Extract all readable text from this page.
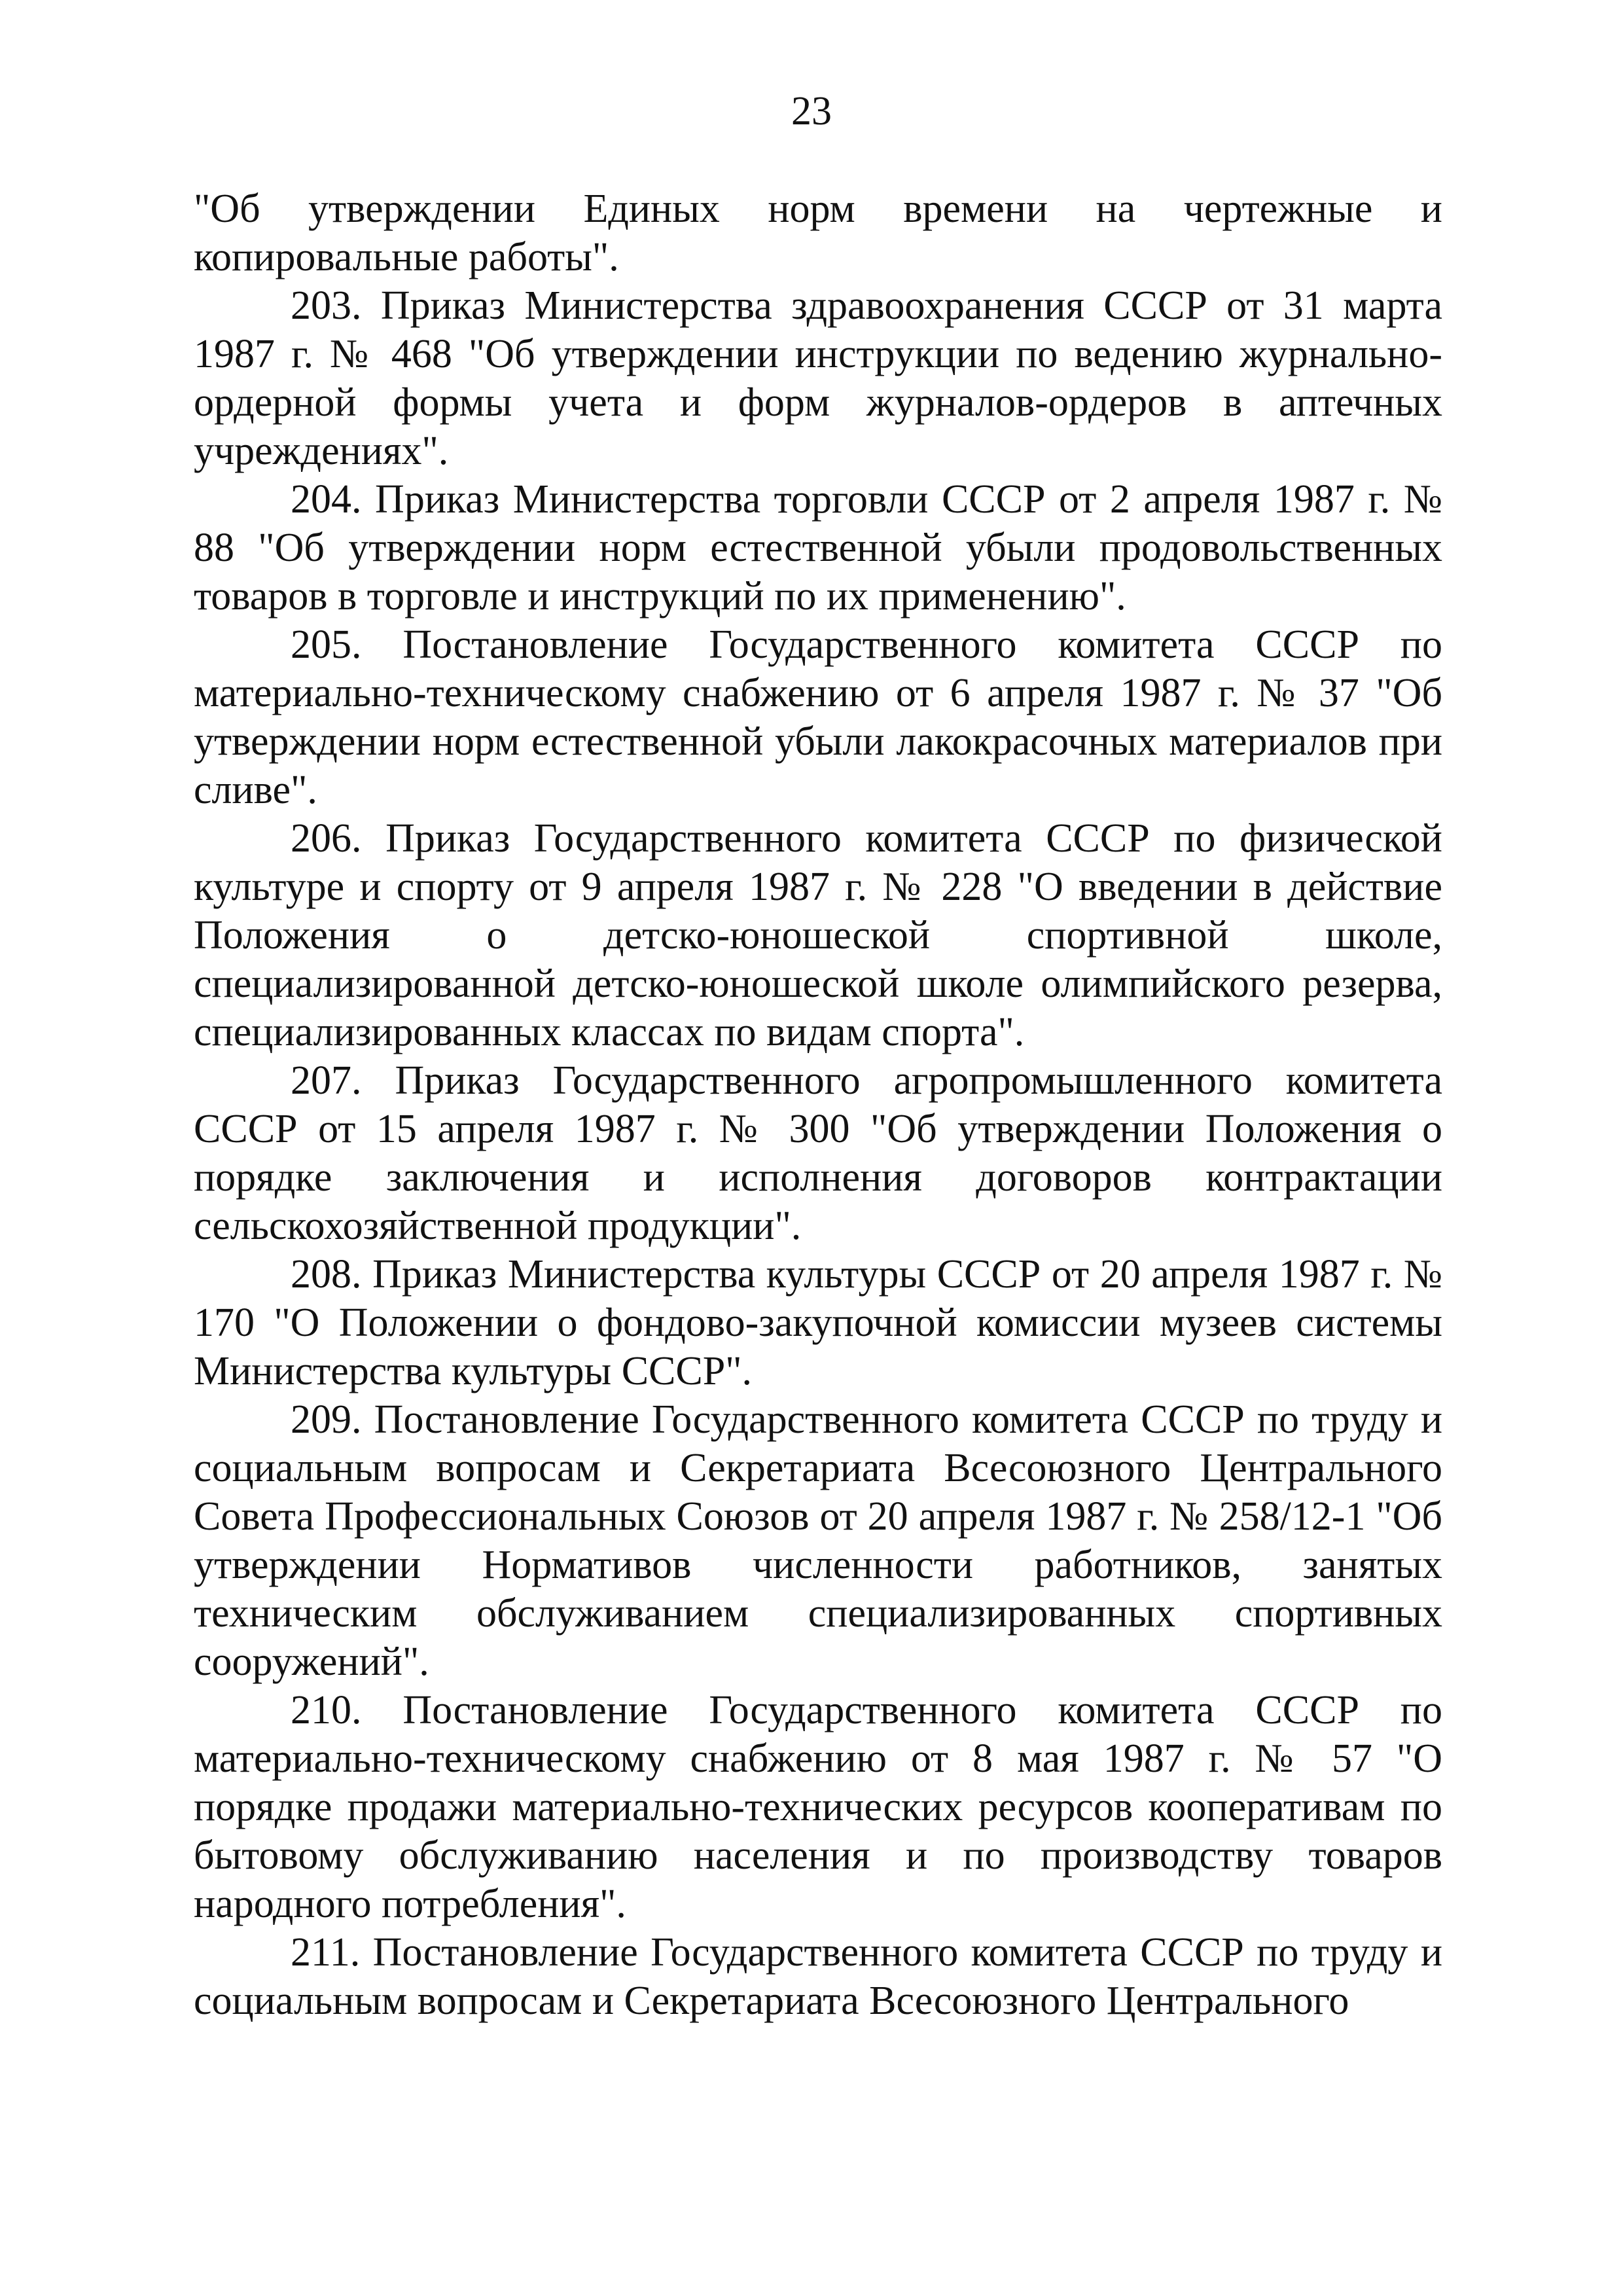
23

"Об утверждении Единых норм времени на чертежные и копировальные работы".

203. Приказ Министерства здравоохранения СССР от 31 марта 1987 г. № 468 "Об утверждении инструкции по ведению журнально-ордерной формы учета и форм журналов-ордеров в аптечных учреждениях".

204. Приказ Министерства торговли СССР от 2 апреля 1987 г. № 88 "Об утверждении норм естественной убыли продовольственных товаров в торговле и инструкций по их применению".

205. Постановление Государственного комитета СССР по материально-техническому снабжению от 6 апреля 1987 г. № 37 "Об утверждении норм естественной убыли лакокрасочных материалов при сливе".

206. Приказ Государственного комитета СССР по физической культуре и спорту от 9 апреля 1987 г. № 228 "О введении в действие Положения о детско-юношеской спортивной школе, специализированной детско-юношеской школе олимпийского резерва, специализированных классах по видам спорта".

207. Приказ Государственного агропромышленного комитета СССР от 15 апреля 1987 г. № 300 "Об утверждении Положения о порядке заключения и исполнения договоров контрактации сельскохозяйственной продукции".

208. Приказ Министерства культуры СССР от 20 апреля 1987 г. № 170 "О Положении о фондово-закупочной комиссии музеев системы Министерства культуры СССР".

209. Постановление Государственного комитета СССР по труду и социальным вопросам и Секретариата Всесоюзного Центрального Совета Профессиональных Союзов от 20 апреля 1987 г. № 258/12-1 "Об утверждении Нормативов численности работников, занятых техническим обслуживанием специализированных спортивных сооружений".

210. Постановление Государственного комитета СССР по материально-техническому снабжению от 8 мая 1987 г. № 57 "О порядке продажи материально-технических ресурсов кооперативам по бытовому обслуживанию населения и по производству товаров народного потребления".

211. Постановление Государственного комитета СССР по труду и социальным вопросам и Секретариата Всесоюзного Центрального
